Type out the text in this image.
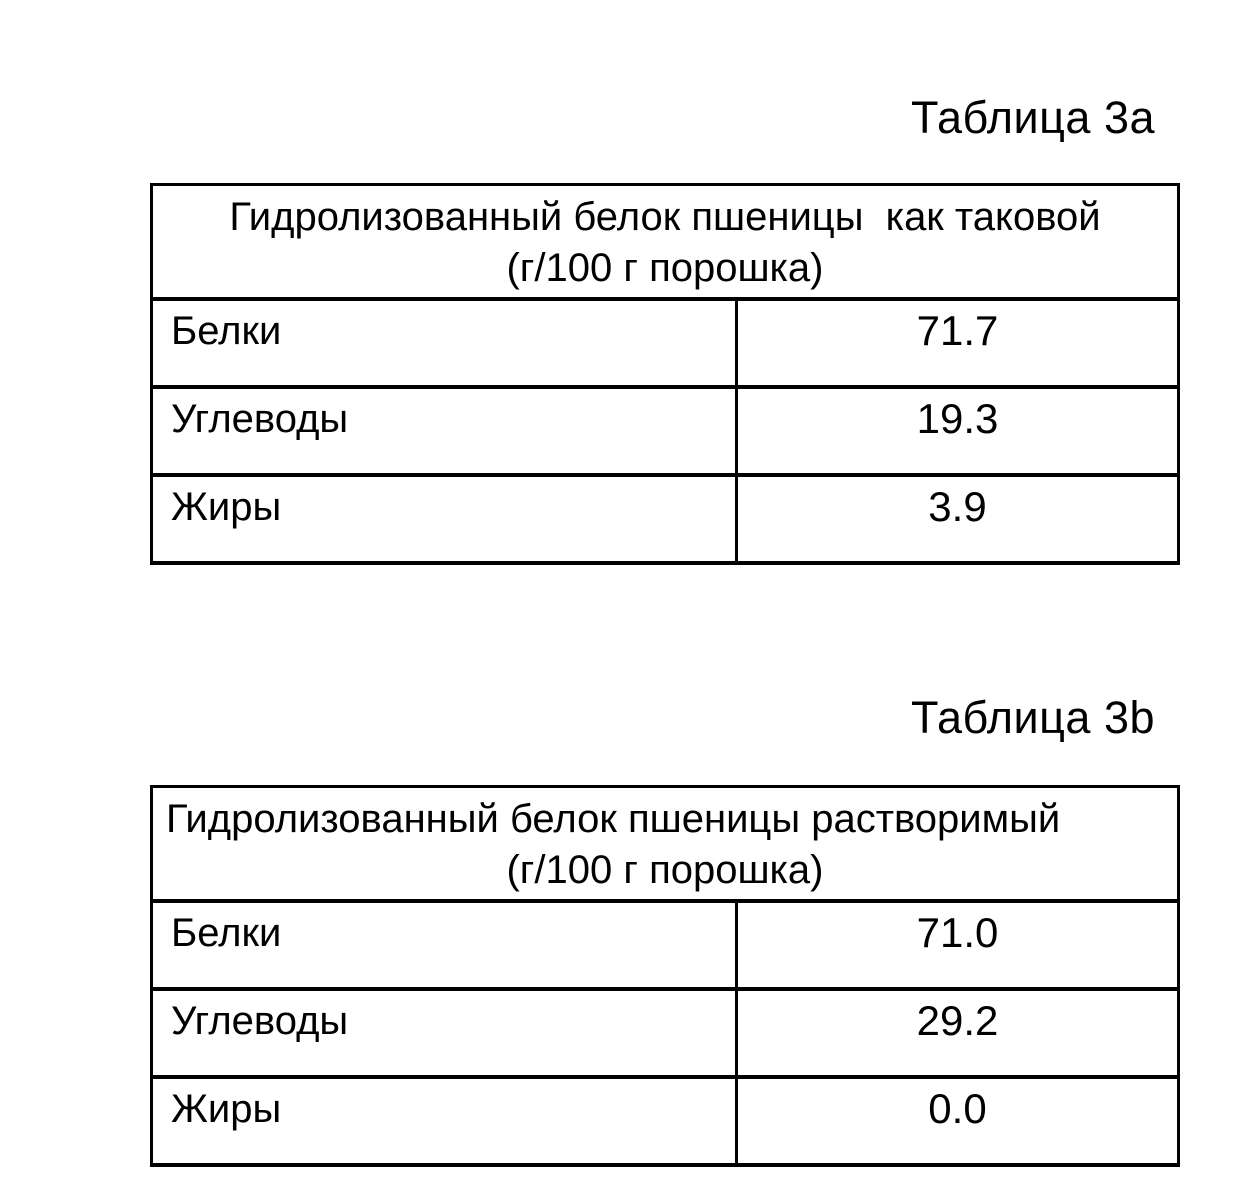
Таблица 3а
Гидролизованный белок пшеницы  как таковой
(г/100 г порошка)	

Белки	71.7
Углеводы	19.3
Жиры	3.9
Таблица 3b
Гидролизованный белок пшеницы растворимый
(г/100 г порошка)	

Белки	71.0
Углеводы	29.2
Жиры	0.0
